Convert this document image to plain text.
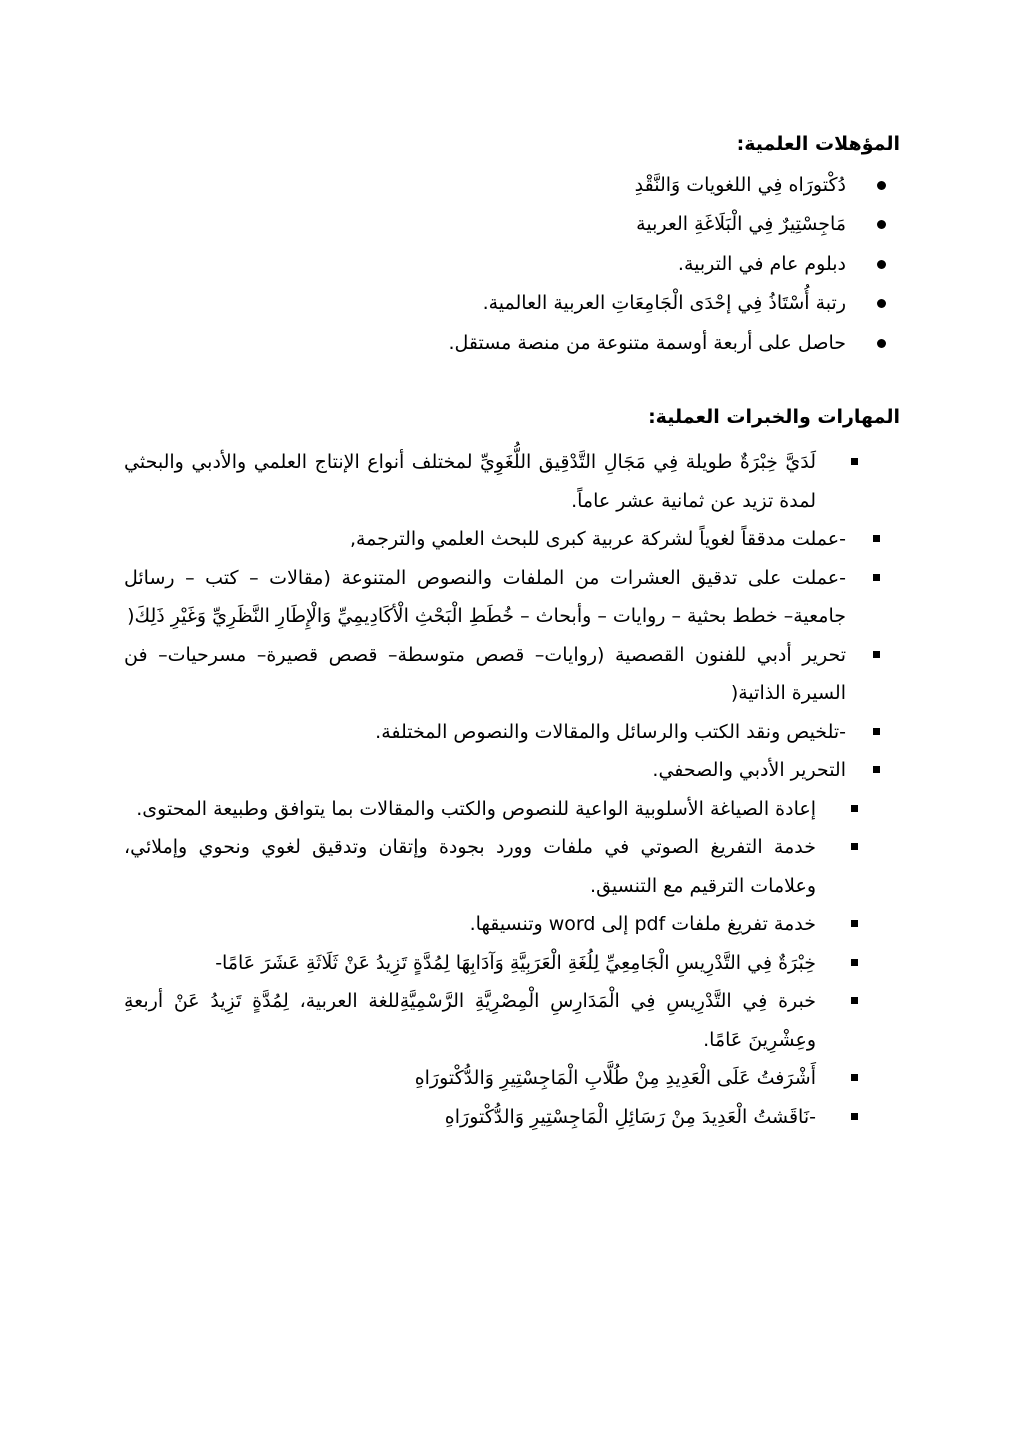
المؤهلات العلمية:
دُكْتورَاه فِي اللغويات وَالنَّقْدِ
مَاجِسْتِيرٌ فِي الْبَلَاغَةِ العربية
دبلوم عام في التربية.
رتبة أُسْتَاذُ فِي إحْدَى الْجَامِعَاتِ العربية العالمية.
حاصل على أربعة أوسمة متنوعة من منصة مستقل.
المهارات والخبرات العملية:
لَدَيَّ خِبْرَةٌ طويلة فِي مَجَالِ التَّدْقِيق اللُّغَوِيِّ لمختلف أنواع الإنتاج العلمي والأدبي والبحثي لمدة تزيد عن ثمانية عشر عاماً.
-عملت مدققاً لغوياً لشركة عربية كبرى للبحث العلمي والترجمة,
-عملت على تدقيق العشرات من الملفات والنصوص المتنوعة (مقالات – كتب – رسائل جامعية– خطط بحثية – روايات – وأبحاث – خُطَطِ الْبَحْثِ الْأكَادِيمِيِّ وَالْإِطَارِ النَّظَرِيِّ وَغَيْرِ ذَلِكَ(
تحرير أدبي للفنون القصصية (روايات– قصص متوسطة– قصص قصيرة– مسرحيات– فن السيرة الذاتية(
-تلخيص ونقد الكتب والرسائل والمقالات والنصوص المختلفة.
التحرير الأدبي والصحفي.
إعادة الصياغة الأسلوبية الواعية للنصوص والكتب والمقالات بما يتوافق وطبيعة المحتوى.
خدمة التفريغ الصوتي في ملفات وورد بجودة وإتقان وتدقيق لغوي ونحوي وإملائي، وعلامات الترقيم مع التنسيق.
خدمة تفريغ ملفات pdf إلى word وتنسيقها.
خِبْرَةٌ فِي التَّدْرِيسِ الْجَامِعِيِّ لِلُغَةِ الْعَرَبِيَّةِ وَآدَابِهَا لِمُدَّةٍ تَزِيدُ عَنْ ثَلَاثَةِ عَشَرَ عَامًا-
خبرة فِي التَّدْرِيسِ فِي الْمَدَارِسِ الْمِصْرِيَّةِ الرَّسْمِيَّةِللغة العربية، لِمُدَّةٍ تَزِيدُ عَنْ أربعةِ وعِشْرِينَ عَامًا.
أَشْرَفتُ عَلَى الْعَدِيدِ مِنْ طُلَّابِ الْمَاجِسْتِيرِ وَالدُّكْتورَاهِ
-نَاقَشتُ الْعَدِيدَ مِنْ رَسَائِلِ الْمَاجِسْتِيرِ وَالدُّكْتورَاهِ
